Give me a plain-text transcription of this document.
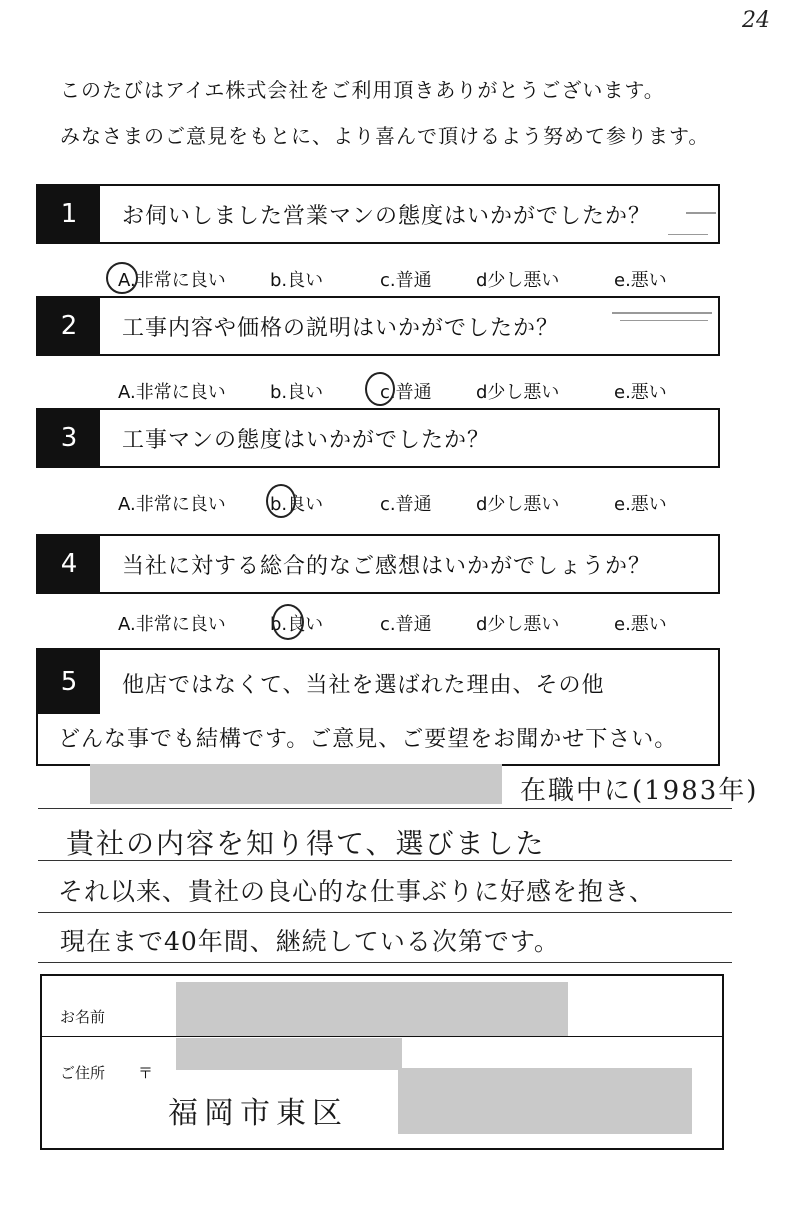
24
このたびはアイエ株式会社をご利用頂きありがとうございます。
みなさまのご意見をもとに、より喜んで頂けるよう努めて参ります。
1	お伺いしました営業マンの態度はいかがでしたか？
A.非常に良い b.良い	c.普通 d少し悪い	e.悪い
2	工事内容や価格の説明はいかがでしたか？
A.非常に良い b.良い	c.普通 d少し悪い	e.悪い
3	工事マンの態度はいかがでしたか？
A.非常に良い b.良い	c.普通 d少し悪い	e.悪い
4	当社に対する総合的なご感想はいかがでしょうか？
A.非常に良い b.良い	c.普通 d少し悪い	e.悪い
5	他店ではなくて、当社を選ばれた理由、その他
どんな事でも結構です。ご意見、ご要望をお聞かせ下さい。
在職中に(1983年)
貴社の内容を知り得て、選びました
それ以来、貴社の良心的な仕事ぶりに好感を抱き、
現在まで40年間、継続している次第です。
お名前
ご住所 〒
福岡市東区
